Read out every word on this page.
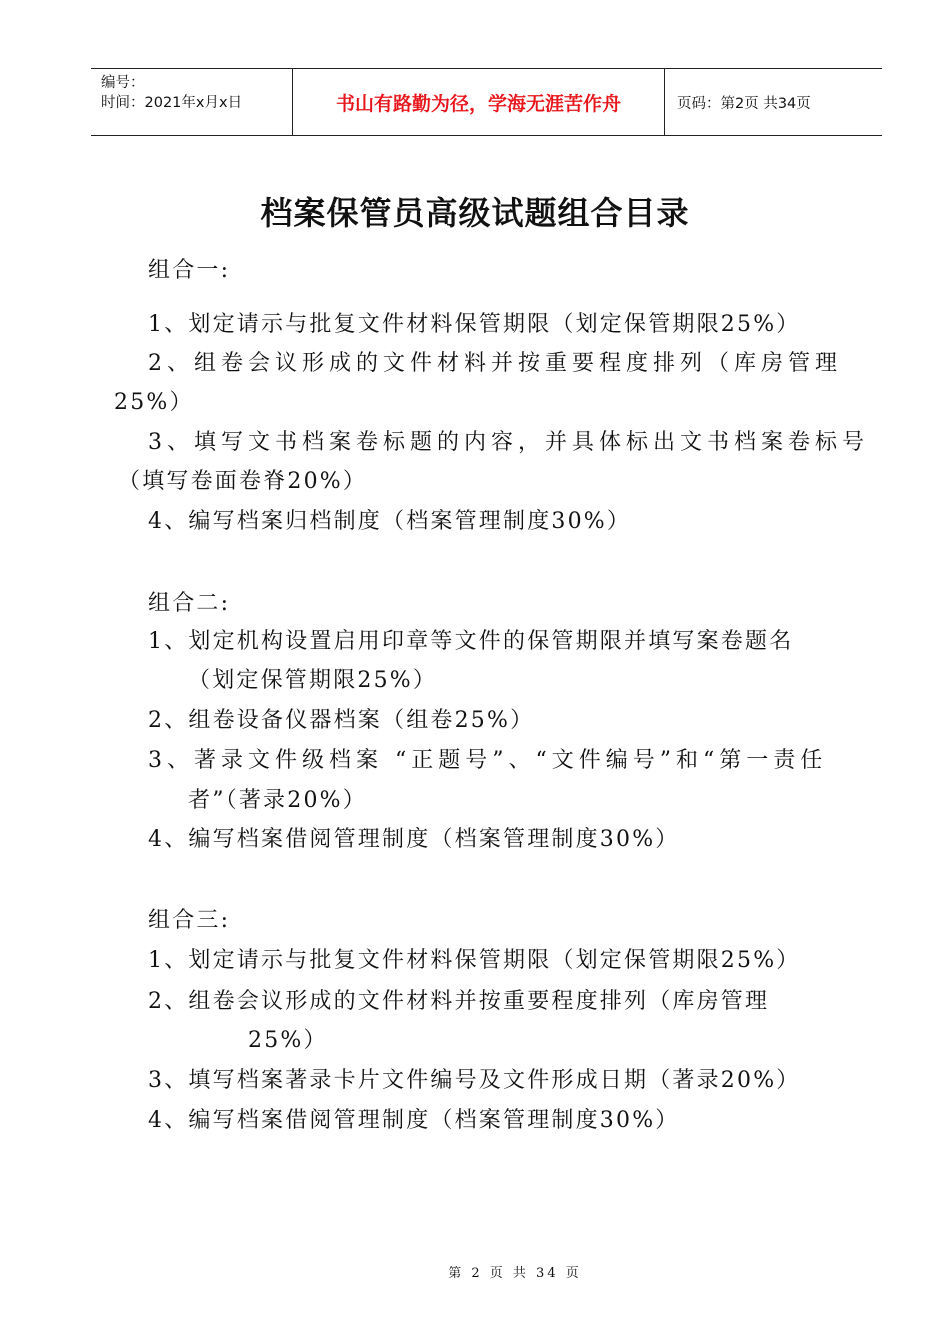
编号：
时间：2021年x月x日	书山有路勤为径，学海无涯苦作舟	页码：第2页 共34页
档案保管员高级试题组合目录
组合一:
1、划定请示与批复文件材料保管期限（划定保管期限25%）
2、组卷会议形成的文件材料并按重要程度排列（库房管理
25%）
3、填写文书档案卷标题的内容，并具体标出文书档案卷标号
（填写卷面卷脊20%）
4、编写档案归档制度（档案管理制度30%）
组合二:
1、划定机构设置启用印章等文件的保管期限并填写案卷题名
（划定保管期限25%）
2、组卷设备仪器档案（组卷25%）
3、著录文件级档案 “正题号”、“文件编号”和“第一责任
者”（著录20%）
4、编写档案借阅管理制度（档案管理制度30%）
组合三:
1、划定请示与批复文件材料保管期限（划定保管期限25%）
2、组卷会议形成的文件材料并按重要程度排列（库房管理
25%）
3、填写档案著录卡片文件编号及文件形成日期（著录20%）
4、编写档案借阅管理制度（档案管理制度30%）
第 2 页 共 34 页
